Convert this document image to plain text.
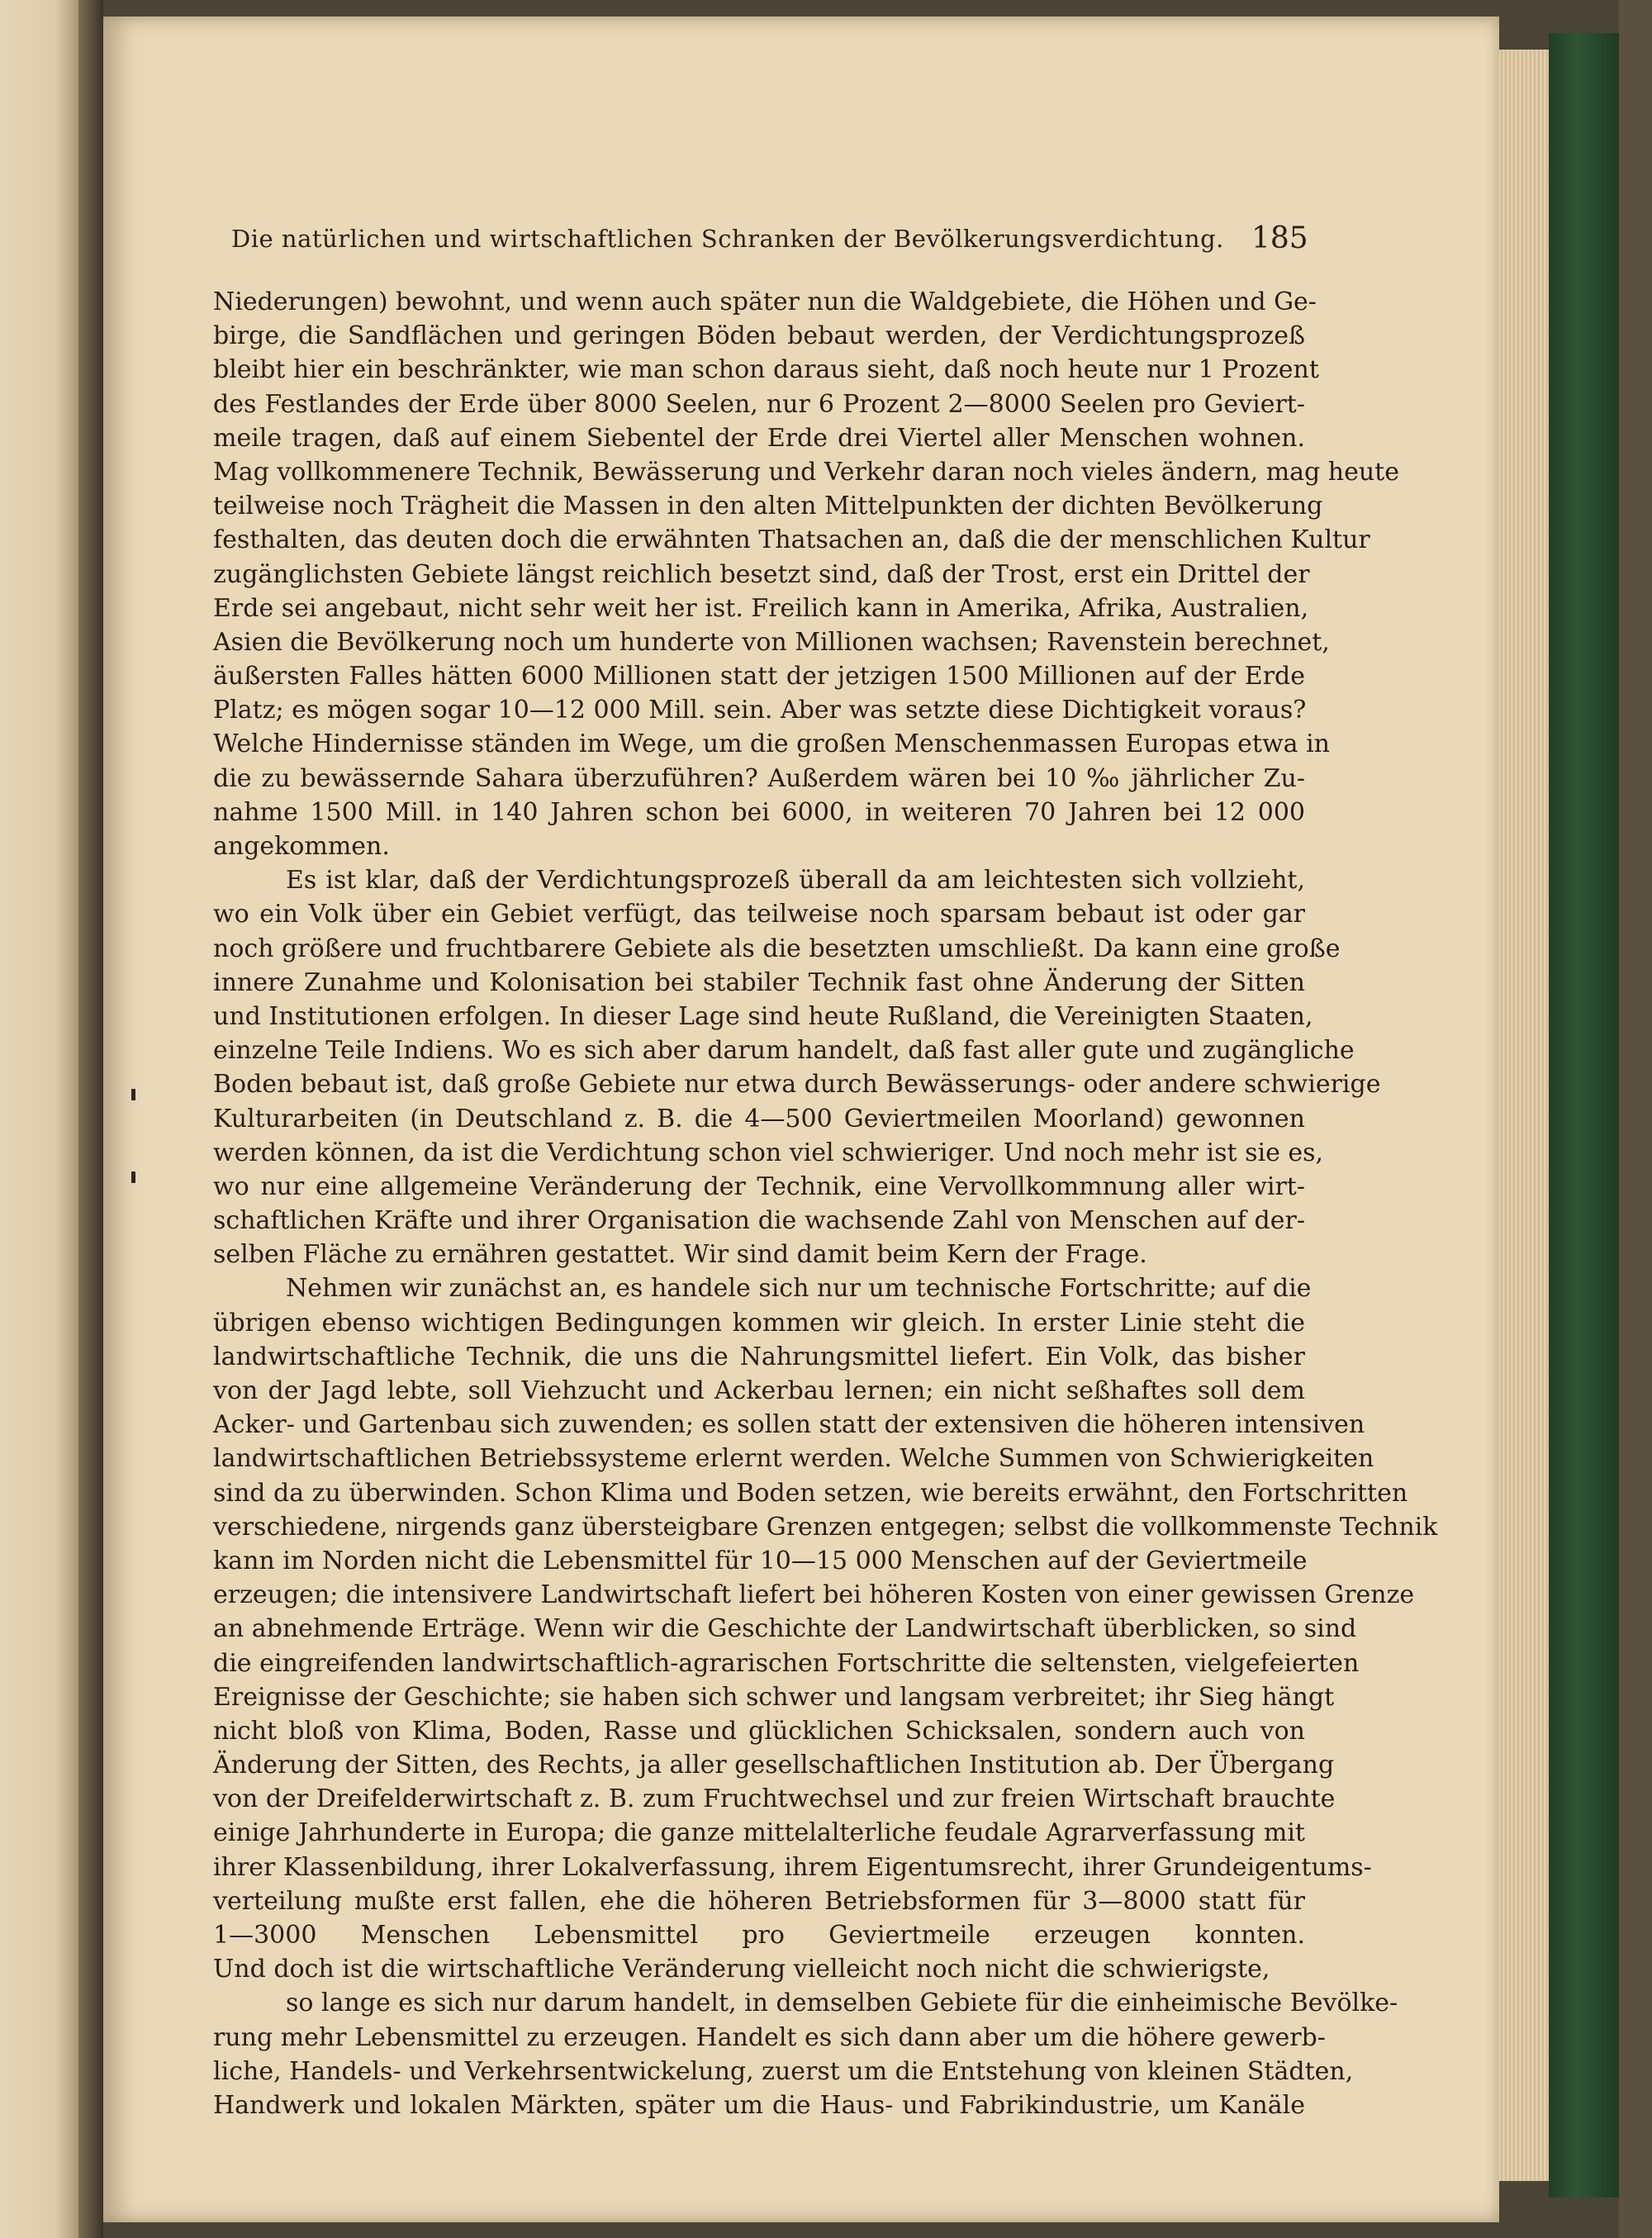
Die natürlichen und wirtschaftlichen Schranken der Bevölkerungsverdichtung. 185
Niederungen) bewohnt, und wenn auch später nun die Waldgebiete, die Höhen und Ge-
birge, die Sandflächen und geringen Böden bebaut werden, der Verdichtungsprozeß
bleibt hier ein beschränkter, wie man schon daraus sieht, daß noch heute nur 1 Prozent
des Festlandes der Erde über 8000 Seelen, nur 6 Prozent 2—8000 Seelen pro Geviert-
meile tragen, daß auf einem Siebentel der Erde drei Viertel aller Menschen wohnen.
Mag vollkommenere Technik, Bewässerung und Verkehr daran noch vieles ändern, mag heute
teilweise noch Trägheit die Massen in den alten Mittelpunkten der dichten Bevölkerung
festhalten, das deuten doch die erwähnten Thatsachen an, daß die der menschlichen Kultur
zugänglichsten Gebiete längst reichlich besetzt sind, daß der Trost, erst ein Drittel der
Erde sei angebaut, nicht sehr weit her ist. Freilich kann in Amerika, Afrika, Australien,
Asien die Bevölkerung noch um hunderte von Millionen wachsen; Ravenstein berechnet,
äußersten Falles hätten 6000 Millionen statt der jetzigen 1500 Millionen auf der Erde
Platz; es mögen sogar 10—12 000 Mill. sein. Aber was setzte diese Dichtigkeit voraus?
Welche Hindernisse ständen im Wege, um die großen Menschenmassen Europas etwa in
die zu bewässernde Sahara überzuführen? Außerdem wären bei 10 ‰ jährlicher Zu-
nahme 1500 Mill. in 140 Jahren schon bei 6000, in weiteren 70 Jahren bei 12 000
angekommen.
Es ist klar, daß der Verdichtungsprozeß überall da am leichtesten sich vollzieht,
wo ein Volk über ein Gebiet verfügt, das teilweise noch sparsam bebaut ist oder gar
noch größere und fruchtbarere Gebiete als die besetzten umschließt. Da kann eine große
innere Zunahme und Kolonisation bei stabiler Technik fast ohne Änderung der Sitten
und Institutionen erfolgen. In dieser Lage sind heute Rußland, die Vereinigten Staaten,
einzelne Teile Indiens. Wo es sich aber darum handelt, daß fast aller gute und zugängliche
Boden bebaut ist, daß große Gebiete nur etwa durch Bewässerungs- oder andere schwierige
Kulturarbeiten (in Deutschland z. B. die 4—500 Geviertmeilen Moorland) gewonnen
werden können, da ist die Verdichtung schon viel schwieriger. Und noch mehr ist sie es,
wo nur eine allgemeine Veränderung der Technik, eine Vervollkommnung aller wirt-
schaftlichen Kräfte und ihrer Organisation die wachsende Zahl von Menschen auf der-
selben Fläche zu ernähren gestattet. Wir sind damit beim Kern der Frage.
Nehmen wir zunächst an, es handele sich nur um technische Fortschritte; auf die
übrigen ebenso wichtigen Bedingungen kommen wir gleich. In erster Linie steht die
landwirtschaftliche Technik, die uns die Nahrungsmittel liefert. Ein Volk, das bisher
von der Jagd lebte, soll Viehzucht und Ackerbau lernen; ein nicht seßhaftes soll dem
Acker- und Gartenbau sich zuwenden; es sollen statt der extensiven die höheren intensiven
landwirtschaftlichen Betriebssysteme erlernt werden. Welche Summen von Schwierigkeiten
sind da zu überwinden. Schon Klima und Boden setzen, wie bereits erwähnt, den Fortschritten
verschiedene, nirgends ganz übersteigbare Grenzen entgegen; selbst die vollkommenste Technik
kann im Norden nicht die Lebensmittel für 10—15 000 Menschen auf der Geviertmeile
erzeugen; die intensivere Landwirtschaft liefert bei höheren Kosten von einer gewissen Grenze
an abnehmende Erträge. Wenn wir die Geschichte der Landwirtschaft überblicken, so sind
die eingreifenden landwirtschaftlich-agrarischen Fortschritte die seltensten, vielgefeierten
Ereignisse der Geschichte; sie haben sich schwer und langsam verbreitet; ihr Sieg hängt
nicht bloß von Klima, Boden, Rasse und glücklichen Schicksalen, sondern auch von
Änderung der Sitten, des Rechts, ja aller gesellschaftlichen Institution ab. Der Übergang
von der Dreifelderwirtschaft z. B. zum Fruchtwechsel und zur freien Wirtschaft brauchte
einige Jahrhunderte in Europa; die ganze mittelalterliche feudale Agrarverfassung mit
ihrer Klassenbildung, ihrer Lokalverfassung, ihrem Eigentumsrecht, ihrer Grundeigentums-
verteilung mußte erst fallen, ehe die höheren Betriebsformen für 3—8000 statt für
1—3000 Menschen Lebensmittel pro Geviertmeile erzeugen konnten.
Und doch ist die wirtschaftliche Veränderung vielleicht noch nicht die schwierigste,
so lange es sich nur darum handelt, in demselben Gebiete für die einheimische Bevölke-
rung mehr Lebensmittel zu erzeugen. Handelt es sich dann aber um die höhere gewerb-
liche, Handels- und Verkehrsentwickelung, zuerst um die Entstehung von kleinen Städten,
Handwerk und lokalen Märkten, später um die Haus- und Fabrikindustrie, um Kanäle
